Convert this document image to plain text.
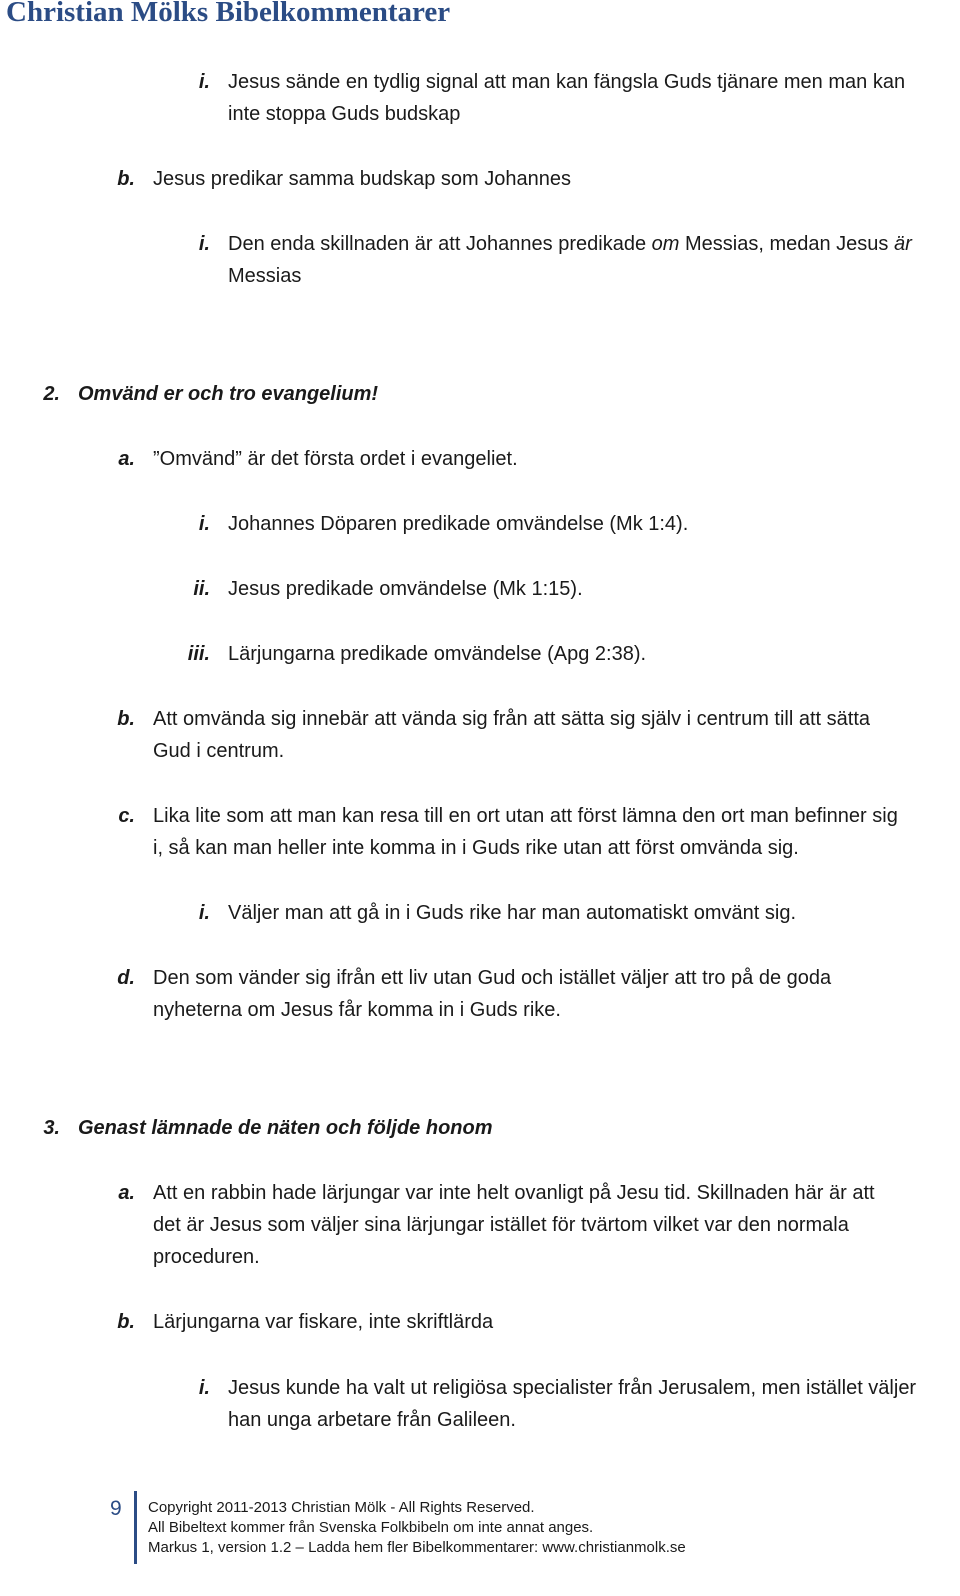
Christian Mölks Bibelkommentarer
i. Jesus sände en tydlig signal att man kan fängsla Guds tjänare men man kan
inte stoppa Guds budskap
b. Jesus predikar samma budskap som Johannes
i. Den enda skillnaden är att Johannes predikade om Messias, medan Jesus är
Messias
2. Omvänd er och tro evangelium!
a. ”Omvänd” är det första ordet i evangeliet.
i. Johannes Döparen predikade omvändelse (Mk 1:4).
ii. Jesus predikade omvändelse (Mk 1:15).
iii. Lärjungarna predikade omvändelse (Apg 2:38).
b. Att omvända sig innebär att vända sig från att sätta sig själv i centrum till att sätta
Gud i centrum.
c. Lika lite som att man kan resa till en ort utan att först lämna den ort man befinner sig
i, så kan man heller inte komma in i Guds rike utan att först omvända sig.
i. Väljer man att gå in i Guds rike har man automatiskt omvänt sig.
d. Den som vänder sig ifrån ett liv utan Gud och istället väljer att tro på de goda
nyheterna om Jesus får komma in i Guds rike.
3. Genast lämnade de näten och följde honom
a. Att en rabbin hade lärjungar var inte helt ovanligt på Jesu tid. Skillnaden här är att
det är Jesus som väljer sina lärjungar istället för tvärtom vilket var den normala
proceduren.
b. Lärjungarna var fiskare, inte skriftlärda
i. Jesus kunde ha valt ut religiösa specialister från Jerusalem, men istället väljer
han unga arbetare från Galileen.
9 Copyright 2011-2013 Christian Mölk - All Rights Reserved.
All Bibeltext kommer från Svenska Folkbibeln om inte annat anges.
Markus 1, version 1.2 – Ladda hem fler Bibelkommentarer: www.christianmolk.se
